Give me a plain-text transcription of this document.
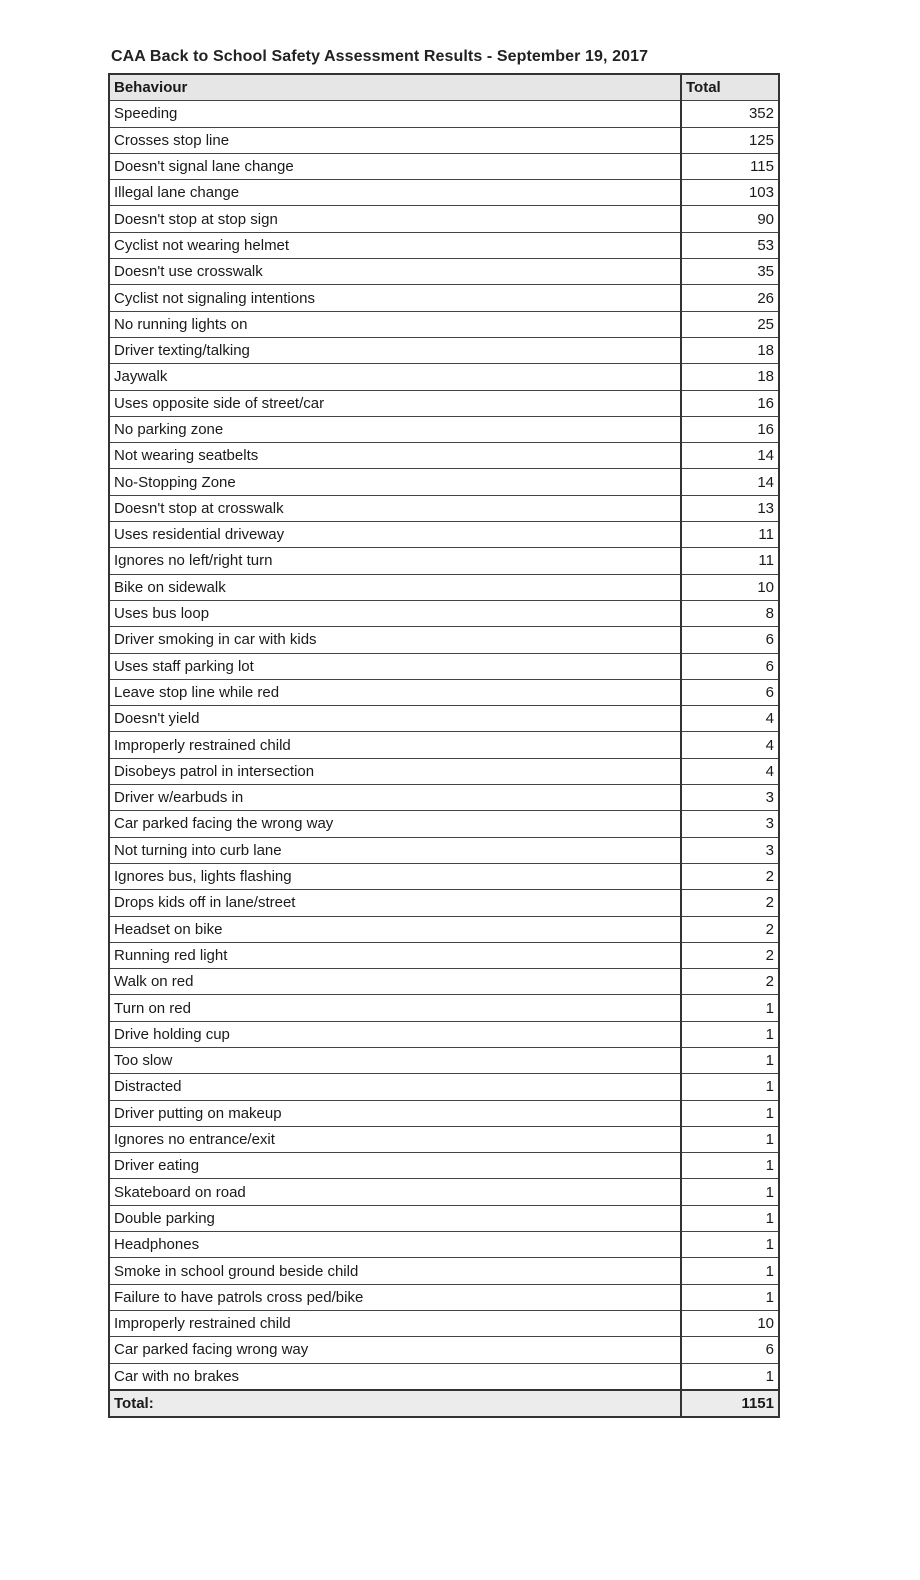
CAA Back to School Safety Assessment Results - September 19, 2017
Behaviour	Total
Speeding	352
Crosses stop line	125
Doesn't signal lane change	115
Illegal lane change	103
Doesn't stop at stop sign	90
Cyclist not wearing helmet	53
Doesn't use crosswalk	35
Cyclist not signaling intentions	26
No running lights on	25
Driver texting/talking	18
Jaywalk	18
Uses opposite side of street/car	16
No parking zone	16
Not wearing seatbelts	14
No-Stopping Zone	14
Doesn't stop at crosswalk	13
Uses residential driveway	11
Ignores no left/right turn	11
Bike on sidewalk	10
Uses bus loop	8
Driver smoking in car with kids	6
Uses staff parking lot	6
Leave stop line while red	6
Doesn't yield	4
Improperly restrained child	4
Disobeys patrol in intersection	4
Driver w/earbuds in	3
Car parked facing the wrong way	3
Not turning into curb lane	3
Ignores bus, lights flashing	2
Drops kids off in lane/street	2
Headset on bike	2
Running red light	2
Walk on red	2
Turn on red	1
Drive holding cup	1
Too slow	1
Distracted	1
Driver putting on makeup	1
Ignores no entrance/exit	1
Driver eating	1
Skateboard on road	1
Double parking	1
Headphones	1
Smoke in school ground beside child	1
Failure to have patrols cross ped/bike	1
Improperly restrained child	10
Car parked facing wrong way	6
Car with no brakes	1
Total:	1151
